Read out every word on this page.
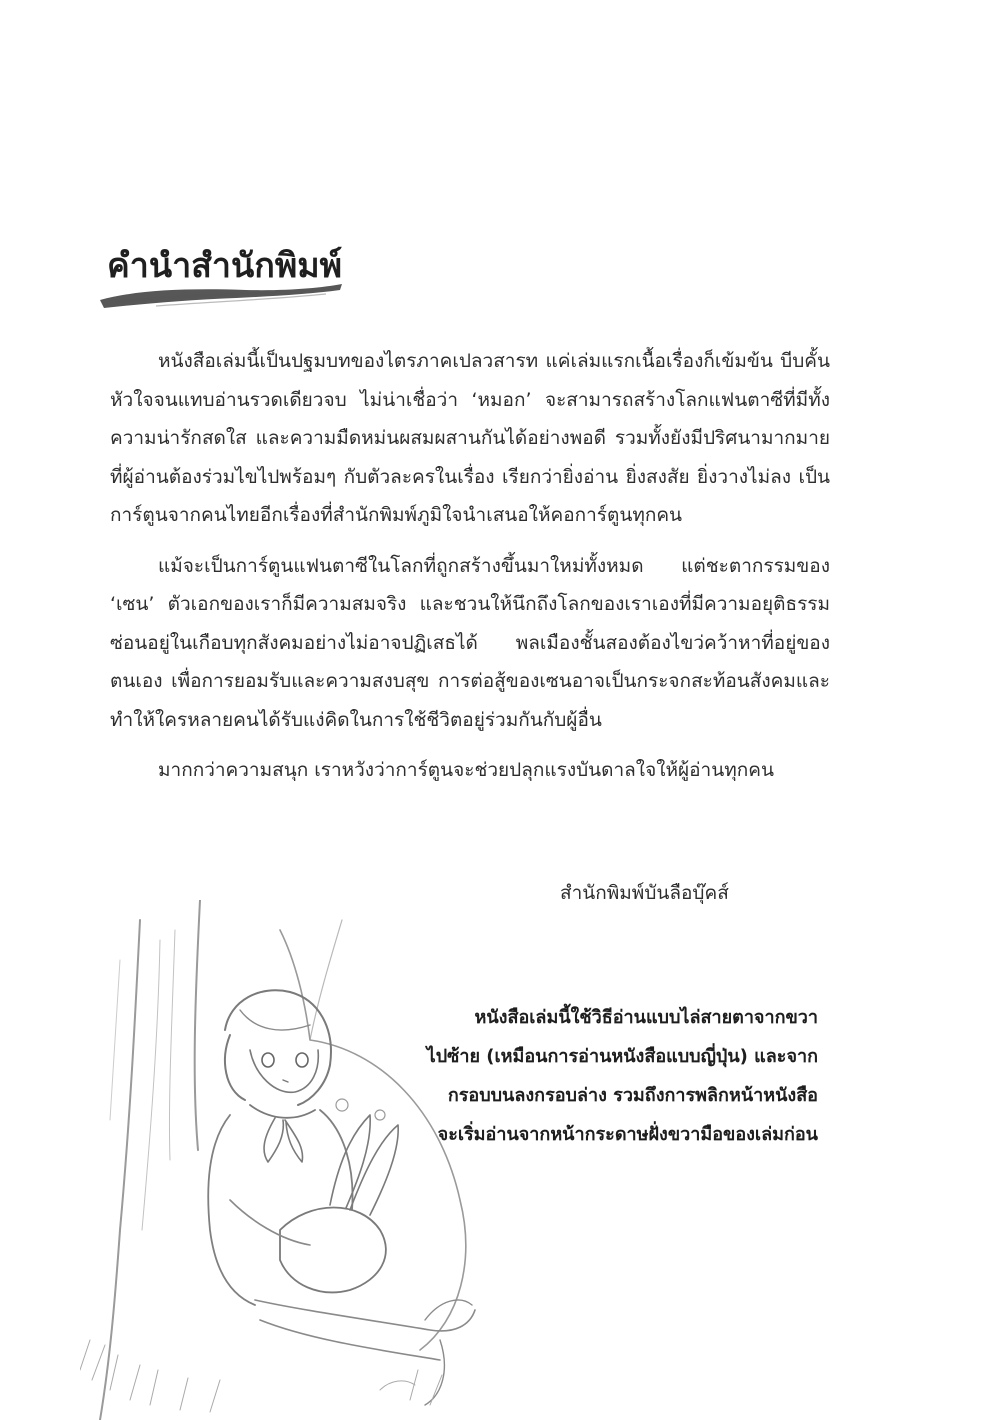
คำนำสำนักพิมพ์

หนังสือเล่มนี้เป็นปฐมบทของไตรภาคเปลวสารท แค่เล่มแรกเนื้อเรื่องก็เข้มข้น บีบคั้นหัวใจจนแทบอ่านรวดเดียวจบ ไม่น่าเชื่อว่า ‘หมอก’ จะสามารถสร้างโลกแฟนตาซีที่มีทั้งความน่ารักสดใส และความมืดหม่นผสมผสานกันได้อย่างพอดี รวมทั้งยังมีปริศนามากมายที่ผู้อ่านต้องร่วมไขไปพร้อมๆ กับตัวละครในเรื่อง เรียกว่ายิ่งอ่าน ยิ่งสงสัย ยิ่งวางไม่ลง เป็นการ์ตูนจากคนไทยอีกเรื่องที่สำนักพิมพ์ภูมิใจนำเสนอให้คอการ์ตูนทุกคน

แม้จะเป็นการ์ตูนแฟนตาซีในโลกที่ถูกสร้างขึ้นมาใหม่ทั้งหมด แต่ชะตากรรมของ ‘เซน’ ตัวเอกของเราก็มีความสมจริง และชวนให้นึกถึงโลกของเราเองที่มีความอยุติธรรมซ่อนอยู่ในเกือบทุกสังคมอย่างไม่อาจปฏิเสธได้ พลเมืองชั้นสองต้องไขว่คว้าหาที่อยู่ของตนเอง เพื่อการยอมรับและความสงบสุข การต่อสู้ของเซนอาจเป็นกระจกสะท้อนสังคมและทำให้ใครหลายคนได้รับแง่คิดในการใช้ชีวิตอยู่ร่วมกันกับผู้อื่น

มากกว่าความสนุก เราหวังว่าการ์ตูนจะช่วยปลุกแรงบันดาลใจให้ผู้อ่านทุกคน

สำนักพิมพ์บันลือบุ๊คส์
หนังสือเล่มนี้ใช้วิธีอ่านแบบไล่สายตาจากขวา
ไปซ้าย (เหมือนการอ่านหนังสือแบบญี่ปุ่น) และจาก
กรอบบนลงกรอบล่าง รวมถึงการพลิกหน้าหนังสือ
จะเริ่มอ่านจากหน้ากระดาษฝั่งขวามือของเล่มก่อน
